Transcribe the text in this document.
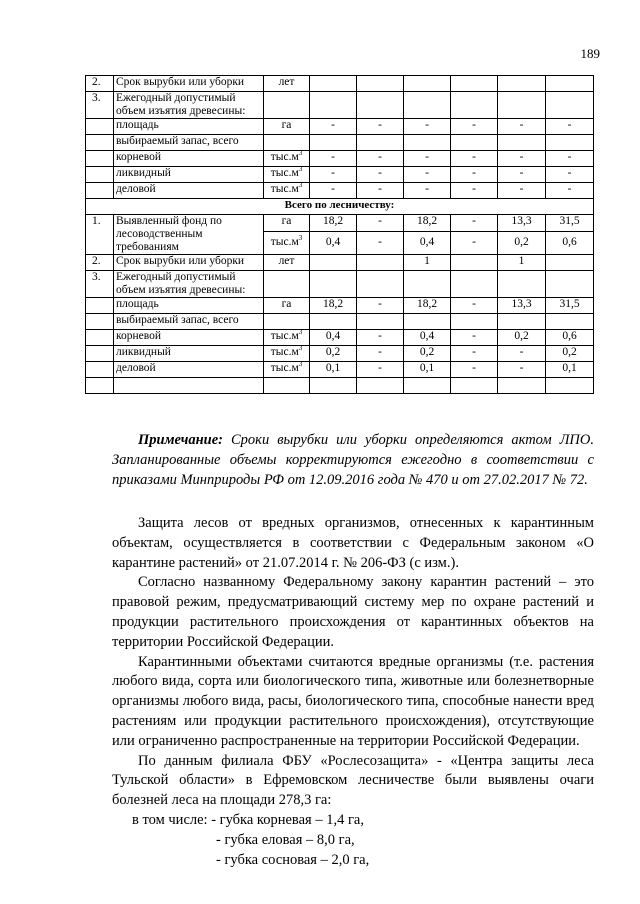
189
2.	Срок вырубки или уборки	лет						
3.	Ежегодный допустимый объем изъятия древесины:							
	площадь	га	-	-	-	-	-	-
	выбираемый запас, всего							
	корневой	$тыс.м^3$	-	-	-	-	-	-
	ликвидный	$тыс.м^3$	-	-	-	-	-	-
	деловой	$тыс.м^3$	-	-	-	-	-	-
Всего по лесничеству:								
1.	Выявленный фонд по лесоводственным требованиям	га	18,2	-	18,2	-	13,3	31,5
		$тыс.м^3$	0,4	-	0,4	-	0,2	0,6
2.	Срок вырубки или уборки	лет			1		1	
3.	Ежегодный допустимый объем изъятия древесины:							
	площадь	га	18,2	-	18,2	-	13,3	31,5
	выбираемый запас, всего							
	корневой	$тыс.м^3$	0,4	-	0,4	-	0,2	0,6
	ликвидный	$тыс.м^3$	0,2	-	0,2	-	-	0,2
	деловой	$тыс.м^3$	0,1	-	0,1	-	-	0,1

Примечание: Сроки вырубки или уборки определяются актом ЛПО. Запланированные объемы корректируются ежегодно в соответствии с приказами Минприроды РФ от 12.09.2016 года № 470 и от 27.02.2017 № 72.

Защита лесов от вредных организмов, отнесенных к карантинным объектам, осуществляется в соответствии с Федеральным законом «О карантине растений» от 21.07.2014 г. № 206-ФЗ (с изм.).

Согласно названному Федеральному закону карантин растений – это правовой режим, предусматривающий систему мер по охране растений и продукции растительного происхождения от карантинных объектов на территории Российской Федерации.

Карантинными объектами считаются вредные организмы (т.е. растения любого вида, сорта или биологического типа, животные или болезнетворные организмы любого вида, расы, биологического типа, способные нанести вред растениям или продукции растительного происхождения), отсутствующие или ограниченно распространенные на территории Российской Федерации.

По данным филиала ФБУ «Рослесозащита» - «Центра защиты леса Тульской области» в Ефремовском лесничестве были выявлены очаги болезней леса на площади 278,3 га:

в том числе: - губка корневая – 1,4 га,
- губка еловая – 8,0 га,
- губка сосновая – 2,0 га,
